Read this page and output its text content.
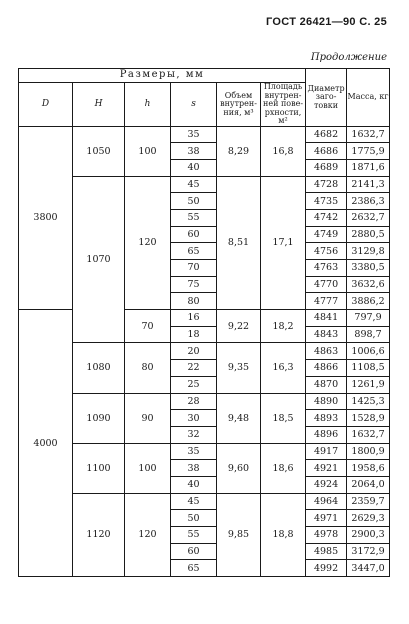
ГОСТ 26421—90 С. 25
Продолжение
Размеры, мм						Диаметр заго-товки	Масса, кг
D	H	h	s	Объем внутрен-ния, м³	Площадь внутрен-ней пове-рхности, м²		
3800	1050	100	35	8,29	16,8	4682	1632,7
			38			4686	1775,9
			40			4689	1871,6
	1070	120	45	8,51	17,1	4728	2141,3
			50			4735	2386,3
			55			4742	2632,7
			60			4749	2880,5
			65			4756	3129,8
			70			4763	3380,5
			75			4770	3632,6
			80			4777	3886,2
4000		70	16	9,22	18,2	4841	797,9
			18			4843	898,7
	1080	80	20	9,35	16,3	4863	1006,6
			22			4866	1108,5
			25			4870	1261,9
	1090	90	28	9,48	18,5	4890	1425,3
			30			4893	1528,9
			32			4896	1632,7
	1100	100	35	9,60	18,6	4917	1800,9
			38			4921	1958,6
			40			4924	2064,0
	1120	120	45	9,85	18,8	4964	2359,7
			50			4971	2629,3
			55			4978	2900,3
			60			4985	3172,9
			65			4992	3447,0
